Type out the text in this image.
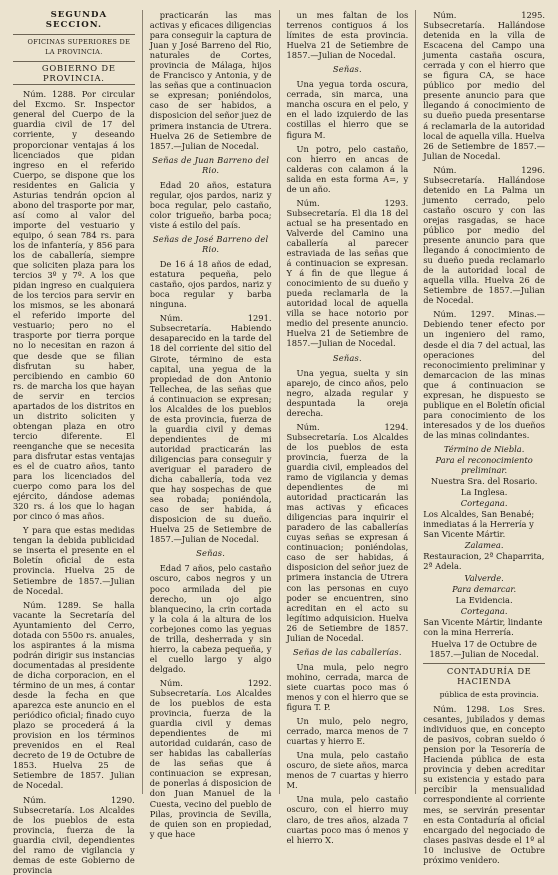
SEGUNDA SECCION.

OFICINAS SUPERIORES DE LA PROVINCIA.

GOBIERNO DE PROVINCIA.

Núm. 1288. Por circular del Excmo. Sr. Inspector general del Cuerpo de la guardia civil de 17 del corriente, y deseando proporcionar ventajas á los licenciados que pidan ingreso en el referido Cuerpo, se dispone que los residentes en Galicia y Asturias tendrán opcion al abono del trasporte por mar, así como al valor del importe del vestuario y equipo, ó sean 784 rs. para los de infantería, y 856 para los de caballería, siempre que soliciten plaza para los tercios 3º y 7º. A los que pidan ingreso en cualquiera de los tercios para servir en los mismos, se les abonará el referido importe del vestuario; pero no el trasporte por tierra porque no lo necesitan en razon á que desde que se filian disfrutan su haber, percibiendo en cambio 60 rs. de marcha los que hayan de servir en tercios apartados de los distritos en un distrito soliciten y obtengan plaza en otro tercio diferente. El reenganche que se necesita para disfrutar estas ventajas es el de cuatro años, tanto para los licenciados del cuerpo como para los del ejército, dándose ademas 320 rs. á los que lo hagan por cinco ó mas años.

Y para que estas medidas tengan la debida publicidad se inserta el presente en el Boletín oficial de esta provincia. Huelva 25 de Setiembre de 1857.—Julian de Nocedal.

Núm. 1289. Se halla vacante la Secretaría del Ayuntamiento del Cerro, dotada con 550o rs. anuales, los aspirantes á la misma podrán dirigir sus instancias documentadas al presidente de dicha corporacion, en el término de un mes, á contar desde la fecha en que aparezca este anuncio en el periódico oficial; finado cuyo plazo se procederá á la provision en los términos prevenidos en el Real decreto de 19 de Octubre de 1853. Huelva 25 de Setiembre de 1857. Julian de Nocedal.

Núm. 1290. Subsecretaría. Los Alcaldes de los pueblos de esta provincia, fuerza de la guardia civil, dependientes del ramo de vigilancia y demas de este Gobierno de provincia

practicarán las mas activas y eficaces diligencias para conseguir la captura de Juan y José Barreno del Rio, naturales de Cortes, provincia de Málaga, hijos de Francisco y Antonia, y de las señas que a continuacion se expresan; poniéndolos, caso de ser habidos, a disposicion del señor juez de primera instancia de Utrera. Huelva 26 de Setiembre de 1857.—Julian de Nocedal.

Señas de Juan Barreno del Rio.

Edad 20 años, estatura regular, ojos pardos, nariz y boca regular, pelo castaño, color trigueño, barba poca; viste á estilo del país.

Señas de José Barreno del Rio.

De 16 á 18 años de edad, estatura pequeña, pelo castaño, ojos pardos, nariz y boca regular y barba ninguna.

Núm. 1291. Subsecretaría. Habiendo desaparecido en la tarde del 18 del corriente del sitio del Girote, término de esta capital, una yegua de la propiedad de don Antonio Tellechea, de las señas que á continuacion se expresan; los Alcaldes de los pueblos de esta provincia, fuerza de la guardia civil y demas dependientes de mi autoridad practicarán las diligencias para conseguir y averiguar el paradero de dicha caballería, toda vez que hay sospechas de que sea robada; poniéndola, caso de ser habida, á disposicion de su dueño. Huelva 25 de Setiembre de 1857.—Julian de Nocedal.

Señas.

Edad 7 años, pelo castaño oscuro, cabos negros y un poco armilada del pie derecho, un ojo algo blanquecino, la crin cortada y la cola á la altura de los corbejones como las yeguas de trilla, desherrada y sin hierro, la cabeza pequeña, y el cuello largo y algo delgado.

Núm. 1292. Subsecretaría. Los Alcaldes de los pueblos de esta provincia, fuerza de la guardia civil y demas dependientes de mi autoridad cuidarán, caso de ser habidas las caballerías de las señas que á continuacion se expresan, de ponerlas á disposicion de don Juan Manuel de la Cuesta, vecino del pueblo de Pilas, provincia de Sevilla, de quien son en propiedad, y que hace

un mes faltan de los terrenos contiguos á los límites de esta provincia. Huelva 21 de Setiembre de 1857.—Julian de Nocedal.

Señas.

Una yegua torda oscura, cerrada, sin marca, una mancha oscura en el pelo, y en el lado izquierdo de las costillas el hierro que se figura M.

Un potro, pelo castaño, con hierro en ancas de calderas con calamon á la salida en esta forma A=, y de un año.

Núm. 1293. Subsecretaría. El dia 18 del actual se ha presentado en Valverde del Camino una caballería al parecer estraviada de las señas que á continuacion se expresan. Y á fin de que llegue á conocimiento de su dueño y pueda reclamarla de la autoridad local de aquella villa se hace notorio por medio del presente anuncio. Huelva 21 de Setiembre de 1857.—Julian de Nocedal.

Señas.

Una yegua, suelta y sin aparejo, de cinco años, pelo negro, alzada regular y despuntada la oreja derecha.

Núm. 1294. Subsecretaría. Los Alcaldes de los pueblos de esta provincia, fuerza de la guardia civil, empleados del ramo de vigilancia y demas dependientes de mi autoridad practicarán las mas activas y eficaces diligencias para inquirir el paradero de las caballerías cuyas señas se expresan á continuacion; poniéndolas, caso de ser habidas, á disposicion del señor juez de primera instancia de Utrera con las personas en cuyo poder se encuentren, sino acreditan en el acto su legítimo adquisicion. Huelva 26 de Setiembre de 1857. Julian de Nocedal.

Señas de las caballerías.

Una mula, pelo negro mohino, cerrada, marca de siete cuartas poco mas ó menos y con el hierro que se figura T. P.

Un mulo, pelo negro, cerrado, marca menos de 7 cuartas y hierro E.

Una mula, pelo castaño oscuro, de siete años, marca menos de 7 cuartas y hierro M.

Una mula, pelo castaño oscuro, con el hierro muy claro, de tres años, alzada 7 cuartas poco mas ó menos y el hierro X.

Núm. 1295. Subsecretaría. Hallándose detenida en la villa de Escacena del Campo una jumenta castaña oscura, cerrada y con el hierro que se figura CA, se hace público por medio del presente anuncio para que llegando á conocimiento de su dueño pueda presentarse á reclamarla de la autoridad local de aquella villa. Huelva 26 de Setiembre de 1857.—Julian de Nocedal.

Núm. 1296. Subsecretaría. Hallándose detenido en La Palma un jumento cerrado, pelo castaño oscuro y con las orejas rasgadas, se hace público por medio del presente anuncio para que llegando á conocimiento de su dueño pueda reclamarlo de la autoridad local de aquella villa. Huelva 26 de Setiembre de 1857.—Julian de Nocedal.

Núm. 1297. Minas.—Debiendo tener efecto por un ingeniero del ramo, desde el dia 7 del actual, las operaciones del reconocimiento preliminar y demarcacion de las minas que á continuacion se expresan, he dispuesto se publique en el Boletín oficial para conocimiento de los interesados y de los dueños de las minas colindantes.

Término de Niebla.

Para el reconocimiento preliminar.

Nuestra Sra. del Rosario.

La Inglesa.

Cortegana.

Los Alcaldes, San Benabé; inmediatas á la Herrería y San Vicente Mártir.

Zalamea.

Restauracion, 2ª Chaparrita, 2ª Adela.

Valverde.

Para demarcar.

La Evidencia.

Cortegana.

San Vicente Mártir, lindante con la mina Herrería.

Huelva 17 de Octubre de 1857.—Julian de Nocedal.

CONTADURÍA DE HACIENDA

pública de esta provincia.

Núm. 1298. Los Sres. cesantes, jubilados y demas individuos que, en concepto de pasivos, cobran sueldo ó pension por la Tesorería de Hacienda pública de esta provincia y deben acreditar su existencia y estado para percibir la mensualidad correspondiente al corriente mes, se servirán presentar en esta Contaduría al oficial encargado del negociado de clases pasivas desde el 1º al 10 inclusive de Octubre próximo venidero.
